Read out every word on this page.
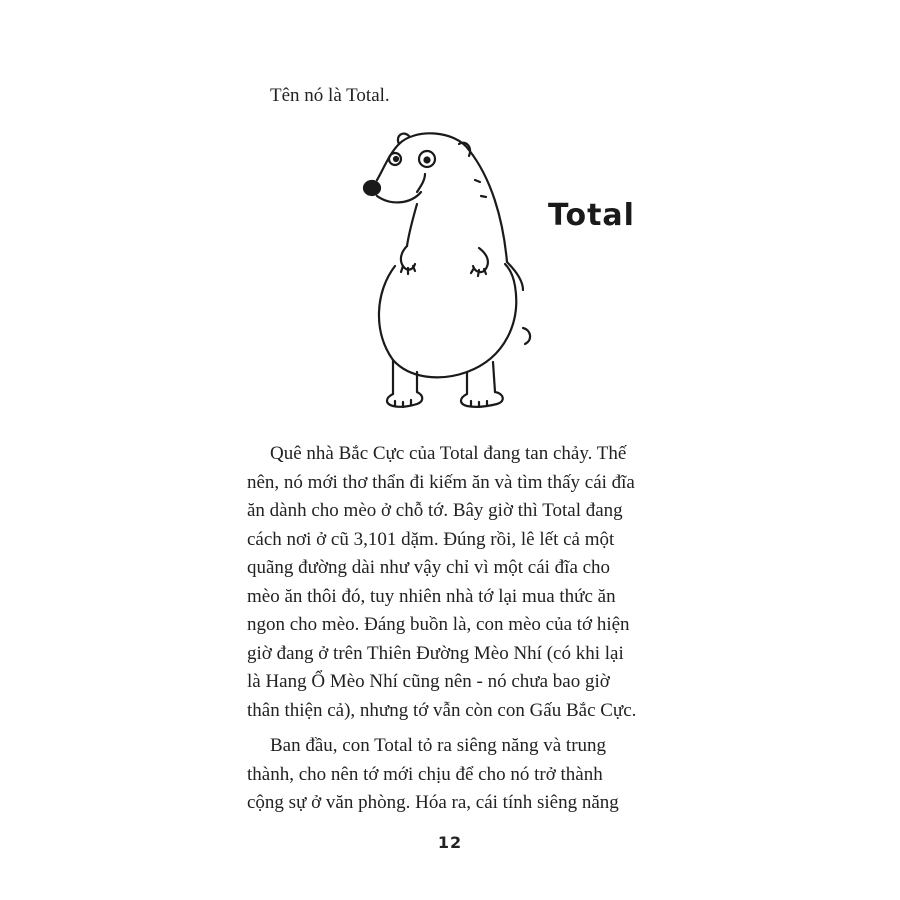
Tên nó là Total.

Total

Quê nhà Bắc Cực của Total đang tan chảy. Thế
nên, nó mới thơ thẩn đi kiếm ăn và tìm thấy cái đĩa
ăn dành cho mèo ở chỗ tớ. Bây giờ thì Total đang
cách nơi ở cũ 3,101 dặm. Đúng rồi, lê lết cả một
quãng đường dài như vậy chỉ vì một cái đĩa cho
mèo ăn thôi đó, tuy nhiên nhà tớ lại mua thức ăn
ngon cho mèo. Đáng buồn là, con mèo của tớ hiện
giờ đang ở trên Thiên Đường Mèo Nhí (có khi lại
là Hang Ổ Mèo Nhí cũng nên - nó chưa bao giờ
thân thiện cả), nhưng tớ vẫn còn con Gấu Bắc Cực.

Ban đầu, con Total tỏ ra siêng năng và trung
thành, cho nên tớ mới chịu để cho nó trở thành
cộng sự ở văn phòng. Hóa ra, cái tính siêng năng

12
